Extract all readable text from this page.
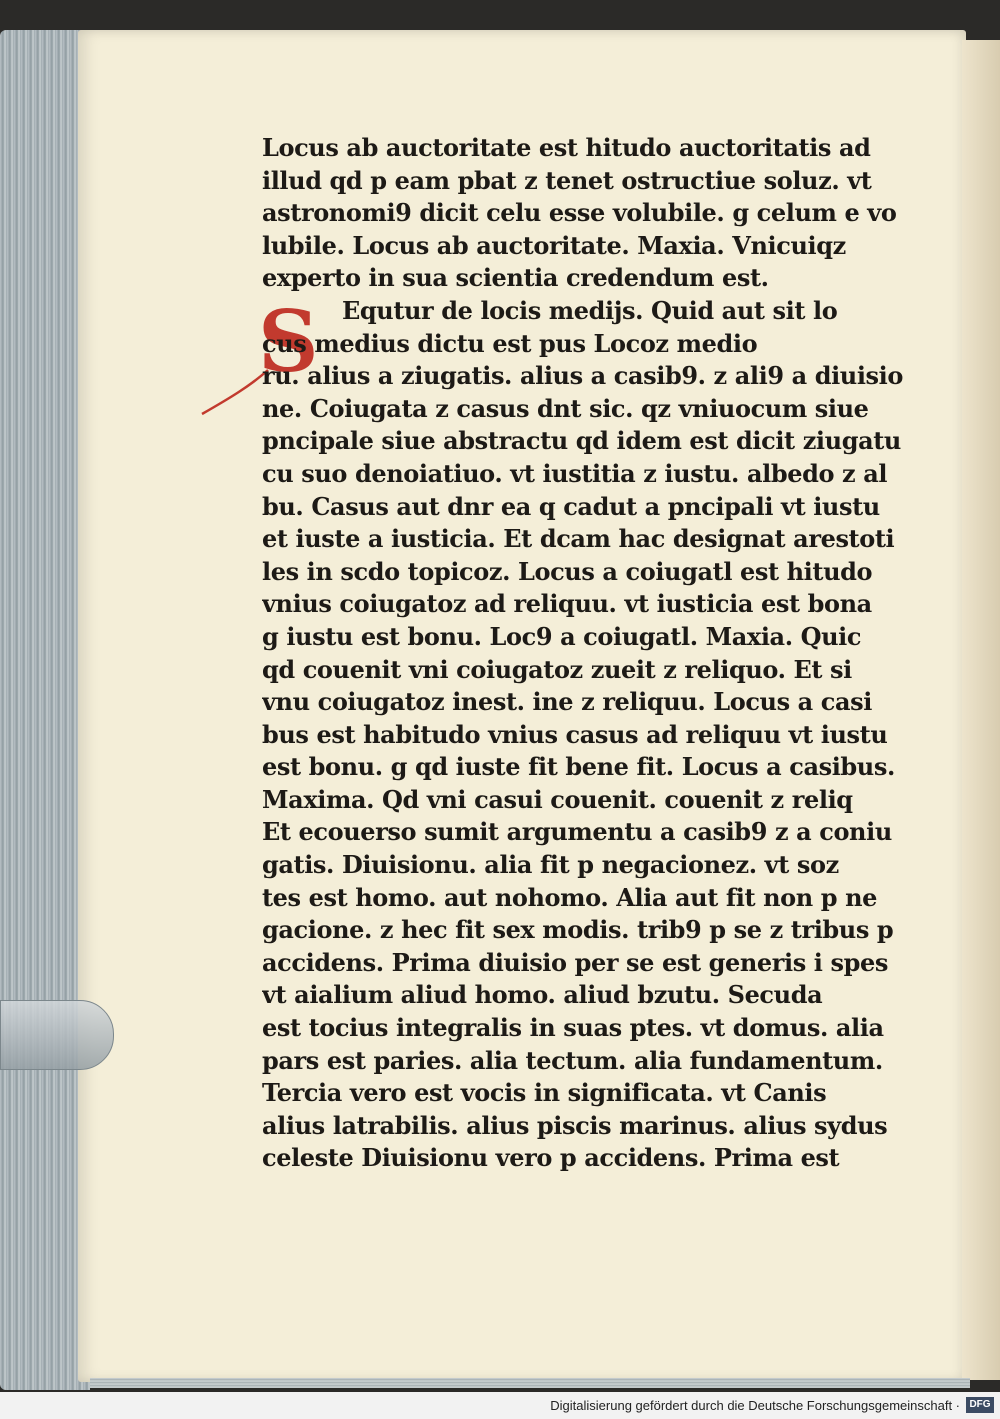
S
Locus ab auctoritate est hitudo auctoritatis ad
illud qd p eam pbat z tenet ostructiue soluz. vt
astronomi9 dicit celu esse volubile. g celum e vo
lubile. Locus ab auctoritate. Maxia. Vnicuiqz
experto in sua scientia credendum est.
Equtur de locis medijs. Quid aut sit lo
cus medius dictu est pus Locoz medio
ru. alius a ziugatis. alius a casib9. z ali9 a diuisio
ne. Coiugata z casus dnt sic. qz vniuocum siue
pncipale siue abstractu qd idem est dicit ziugatu
cu suo denoiatiuo. vt iustitia z iustu. albedo z al
bu. Casus aut dnr ea q cadut a pncipali vt iustu
et iuste a iusticia. Et dcam hac designat arestoti
les in scdo topicoz. Locus a coiugatl est hitudo
vnius coiugatoz ad reliquu. vt iusticia est bona
g iustu est bonu. Loc9 a coiugatl. Maxia. Quic
qd couenit vni coiugatoz zueit z reliquo. Et si
vnu coiugatoz inest. ine z reliquu. Locus a casi
bus est habitudo vnius casus ad reliquu vt iustu
est bonu. g qd iuste fit bene fit. Locus a casibus.
Maxima. Qd vni casui couenit. couenit z reliq
Et ecouerso sumit argumentu a casib9 z a coniu
gatis. Diuisionu. alia fit p negacionez. vt soz
tes est homo. aut nohomo. Alia aut fit non p ne
gacione. z hec fit sex modis. trib9 p se z tribus p
accidens. Prima diuisio per se est generis i spes
vt aialium aliud homo. aliud bzutu. Secuda
est tocius integralis in suas ptes. vt domus. alia
pars est paries. alia tectum. alia fundamentum.
Tercia vero est vocis in significata. vt Canis
alius latrabilis. alius piscis marinus. alius sydus
celeste Diuisionu vero p accidens. Prima est
Digitalisierung gefördert durch die Deutsche Forschungsgemeinschaft · DFG
